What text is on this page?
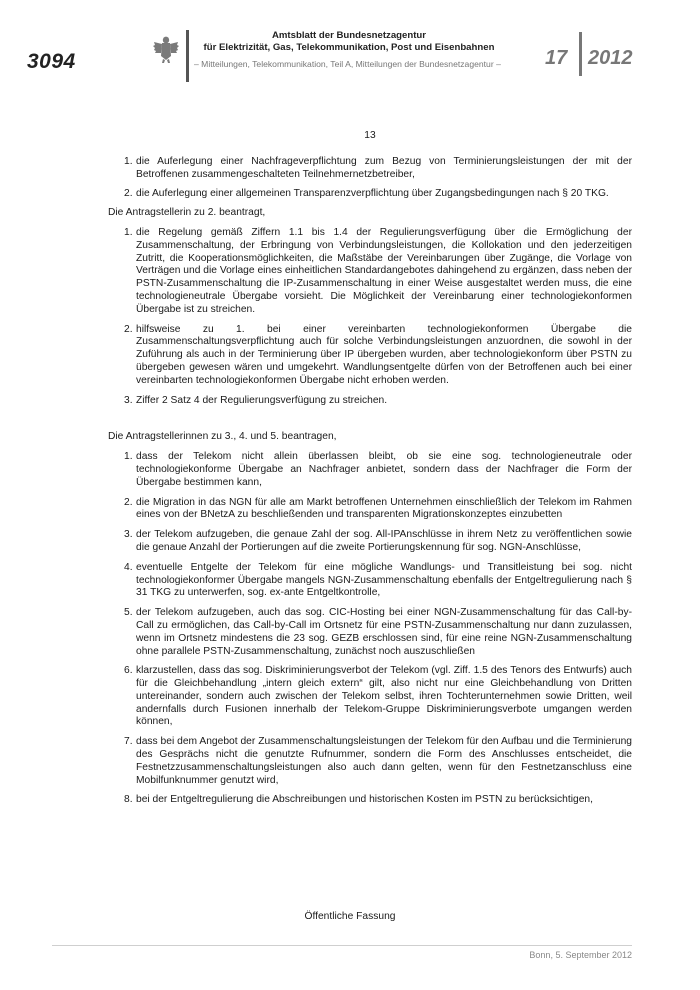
3094
Amtsblatt der Bundesnetzagentur
für Elektrizität, Gas, Telekommunikation, Post und Eisenbahnen
– Mitteilungen, Telekommunikation, Teil A, Mitteilungen der Bundesnetzagentur –	17 2012
13
1. die Auferlegung einer Nachfrageverpflichtung zum Bezug von Terminierungsleistungen der mit der Betroffenen zusammengeschalteten Teilnehmernetzbetreiber,
2. die Auferlegung einer allgemeinen Transparenzverpflichtung über Zugangsbedingungen nach § 20 TKG.

Die Antragstellerin zu 2. beantragt,

1. die Regelung gemäß Ziffern 1.1 bis 1.4 der Regulierungsverfügung über die Ermöglichung der Zusammenschaltung, der Erbringung von Verbindungsleistungen, die Kollokation und den jederzeitigen Zutritt, die Kooperationsmöglichkeiten, die Maßstäbe der Vereinbarungen über Zugänge, die Vorlage von Verträgen und die Vorlage eines einheitlichen Standardangebotes dahingehend zu ergänzen, dass neben der PSTN-Zusammenschaltung die IP-Zusammenschaltung in einer Weise ausgestaltet werden muss, die eine technologieneutrale Übergabe vorsieht. Die Möglichkeit der Vereinbarung einer technologiekonformen Übergabe ist zu streichen.
2. hilfsweise zu 1. bei einer vereinbarten technologiekonformen Übergabe die Zusammenschaltungsverpflichtung auch für solche Verbindungsleistungen anzuordnen, die sowohl in der Zuführung als auch in der Terminierung über IP übergeben wurden, aber technologiekonform über PSTN zu übergeben gewesen wären und umgekehrt. Wandlungsentgelte dürfen von der Betroffenen auch bei einer vereinbarten technologiekonformen Übergabe nicht erhoben werden.
3. Ziffer 2 Satz 4 der Regulierungsverfügung zu streichen.

Die Antragstellerinnen zu 3., 4. und 5. beantragen,

1. dass der Telekom nicht allein überlassen bleibt, ob sie eine sog. technologieneutrale oder technologiekonforme Übergabe an Nachfrager anbietet, sondern dass der Nachfrager die Form der Übergabe bestimmen kann,
2. die Migration in das NGN für alle am Markt betroffenen Unternehmen einschließlich der Telekom im Rahmen eines von der BNetzA zu beschließenden und transparenten Migrationskonzeptes einzubetten
3. der Telekom aufzugeben, die genaue Zahl der sog. All-IPAnschlüsse in ihrem Netz zu veröffentlichen sowie die genaue Anzahl der Portierungen auf die zweite Portierungskennung für sog. NGN-Anschlüsse,
4. eventuelle Entgelte der Telekom für eine mögliche Wandlungs- und Transitleistung bei sog. nicht technologiekonformer Übergabe mangels NGN-Zusammenschaltung ebenfalls der Entgeltregulierung nach § 31 TKG zu unterwerfen, sog. ex-ante Entgeltkontrolle,
5. der Telekom aufzugeben, auch das sog. CIC-Hosting bei einer NGN-Zusammenschaltung für das Call-by-Call zu ermöglichen, das Call-by-Call im Ortsnetz für eine PSTN-Zusammenschaltung nur dann zuzulassen, wenn im Ortsnetz mindestens die 23 sog. GEZB erschlossen sind, für eine reine NGN-Zusammenschaltung ohne parallele PSTN-Zusammenschaltung, zunächst noch auszuschließen
6. klarzustellen, dass das sog. Diskriminierungsverbot der Telekom (vgl. Ziff. 1.5 des Tenors des Entwurfs) auch für die Gleichbehandlung „intern gleich extern“ gilt, also nicht nur eine Gleichbehandlung von Dritten untereinander, sondern auch zwischen der Telekom selbst, ihren Tochterunternehmen sowie Dritten, weil andernfalls durch Fusionen innerhalb der Telekom-Gruppe Diskriminierungsverbote umgangen werden können,
7. dass bei dem Angebot der Zusammenschaltungsleistungen der Telekom für den Aufbau und die Terminierung des Gesprächs nicht die genutzte Rufnummer, sondern die Form des Anschlusses entscheidet, die Festnetzzusammenschaltungsleistungen also auch dann gelten, wenn für den Festnetzanschluss eine Mobilfunknummer genutzt wird,
8. bei der Entgeltregulierung die Abschreibungen und historischen Kosten im PSTN zu berücksichtigen,
Öffentliche Fassung
Bonn, 5. September 2012
